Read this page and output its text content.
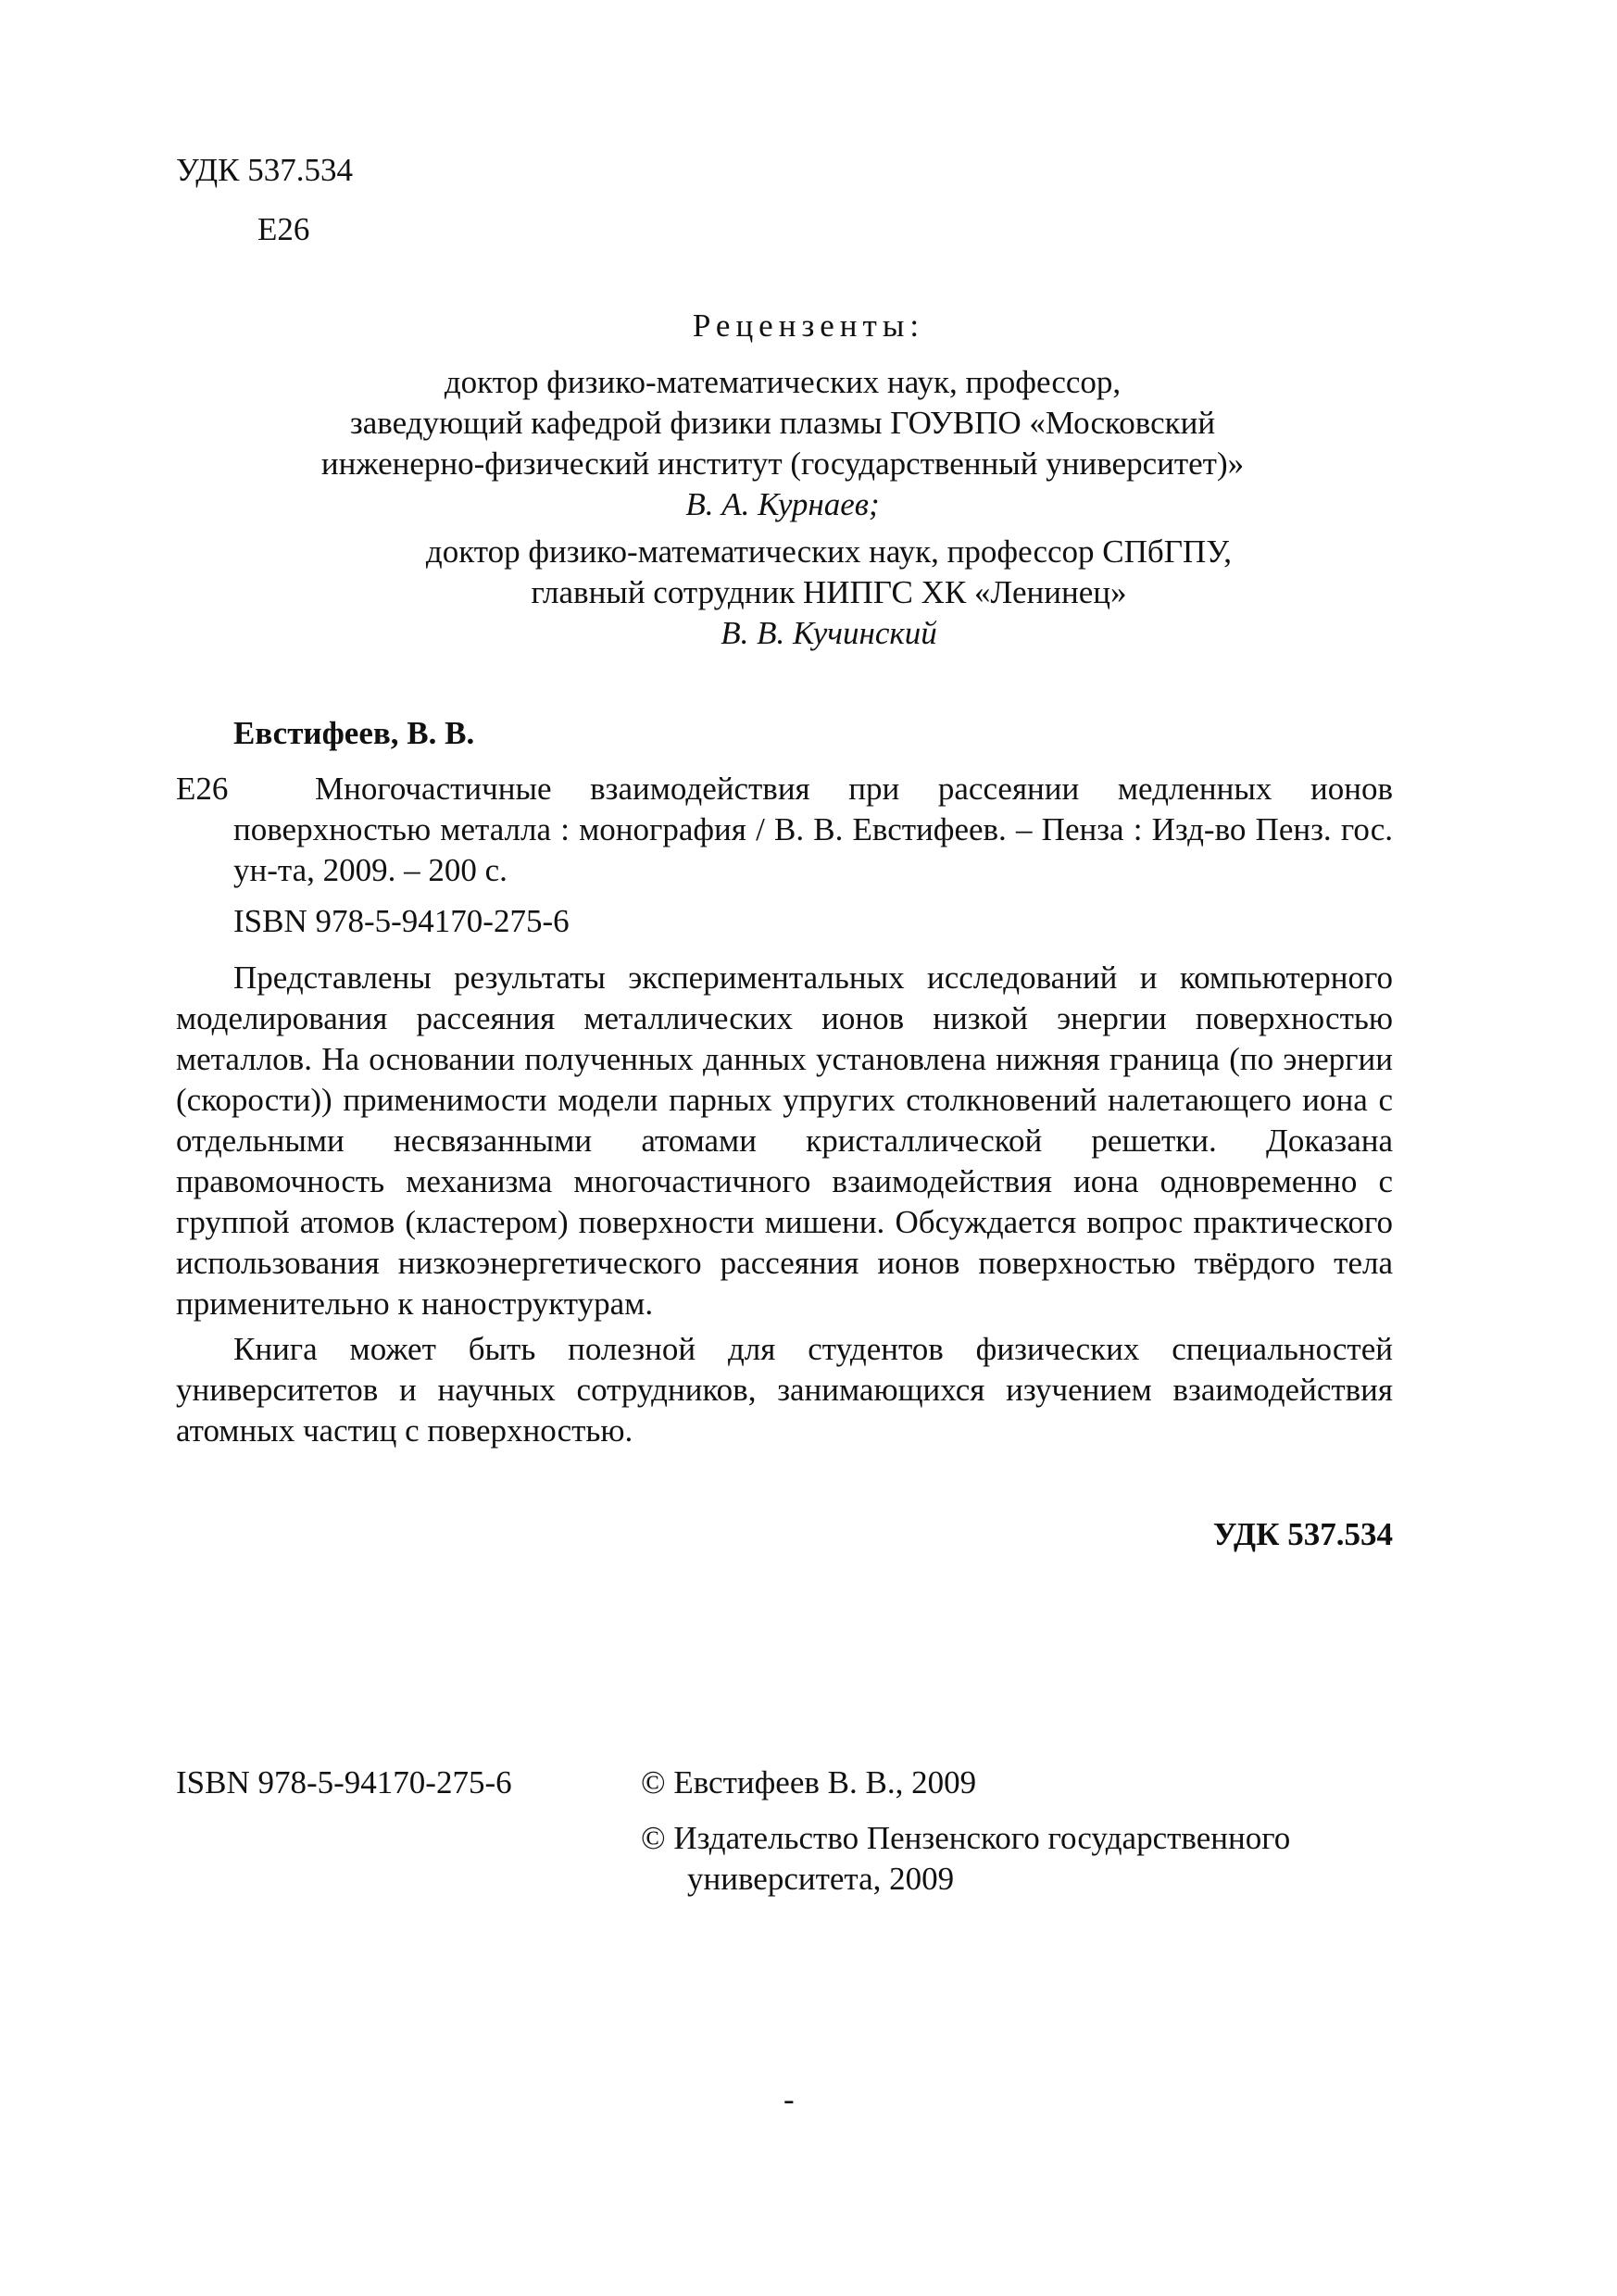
УДК 537.534
Е26
Рецензенты:
доктор физико-математических наук, профессор,
заведующий кафедрой физики плазмы ГОУВПО «Московский
инженерно-физический институт (государственный университет)»
В. А. Курнаев;
доктор физико-математических наук, профессор СПбГПУ,
главный сотрудник НИПГС ХК «Ленинец»
В. В. Кучинский
Евстифеев, В. В.
Е26	Многочастичные взаимодействия при рассеянии медленных ионов поверхностью металла : монография / В. В. Евстифеев. – Пенза : Изд-во Пенз. гос. ун-та, 2009. – 200 с.

ISBN 978-5-94170-275-6

Представлены результаты экспериментальных исследований и компьютерного моделирования рассеяния металлических ионов низкой энергии поверхностью металлов. На основании полученных данных установлена нижняя граница (по энергии (скорости)) применимости модели парных упругих столкновений налетающего иона с отдельными несвязанными атомами кристаллической решетки. Доказана правомочность механизма многочастичного взаимодействия иона одновременно с группой атомов (кластером) поверхности мишени. Обсуждается вопрос практического использования низкоэнергетического рассеяния ионов поверхностью твёрдого тела применительно к наноструктурам.

Книга может быть полезной для студентов физических специальностей университетов и научных сотрудников, занимающихся изучением взаимодействия атомных частиц с поверхностью.

УДК 537.534
ISBN 978-5-94170-275-6	© Евстифеев В. В., 2009
© Издательство Пензенского государственного
университета, 2009
-
